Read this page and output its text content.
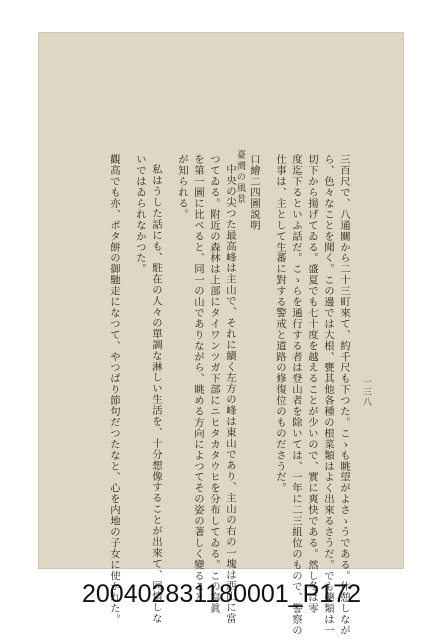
臺灣の風景
一三八
三百尺で、八通關から二十三町來て、約千尺も下つた。こゝも眺望がよさゝうである。休憩しなが
ら、色々なことを聞く。この邊では大根、甕其他各種の根菜類はよく出來るさうだ。でも藥類は一
切下から揚げてゐる。盛夏でも七十度を越えることが少いので、實に爽快である。然し冬は零
度迄下るといふ話だ。こゝらを通行する者は登山者を除いては、一年に二三組位のもので、警察の
仕事は、主として生蕃に對する警戒と道路の修復位のものださうだ。
口繪二四圖説明
中央の尖つた最高峰は主山で、それに續く左方の峰は東山であり、主山の右の一塊は西山に當
つてゐる。附近の森林は上部にタイワンツガ下部にニヒタカタウヒを分布してゐる。この寫眞
を第一圖に比べると、同一の山でありながら、眺める方向によつてその姿の著しく變ること
が知られる。
私はうした話にも、駐在の人々の單調な淋しい生活を、十分想像することが出來て、同情しな
いではゐられなかつた。
觀高でも亦、ボタ餅の御馳走になつて、やつぱり節句だつたなと、心を内地の子女に使かれた。
200402831180001_P172
